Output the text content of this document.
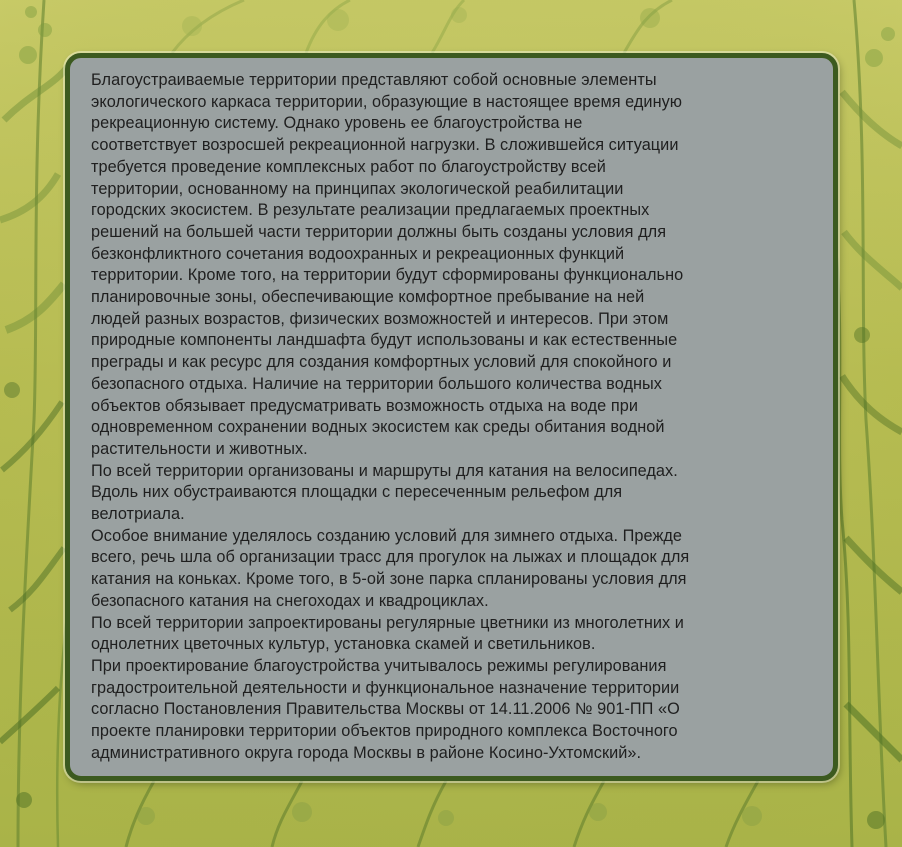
Благоустраиваемые территории представляют собой основные элементы
экологического каркаса территории, образующие в настоящее время единую
рекреационную систему. Однако уровень ее благоустройства не
соответствует возросшей рекреационной нагрузки. В сложившейся ситуации
требуется проведение комплексных работ по благоустройству всей
территории, основанному на принципах экологической реабилитации
городских экосистем. В результате реализации предлагаемых проектных
решений на большей части территории должны быть созданы условия для
безконфликтного сочетания водоохранных и рекреационных функций
территории. Кроме того, на территории будут сформированы функционально
планировочные зоны, обеспечивающие комфортное пребывание на ней
людей разных возрастов, физических возможностей и интересов. При этом
природные компоненты ландшафта будут использованы и как естественные
преграды и как ресурс для создания комфортных условий для спокойного и
безопасного отдыха. Наличие на территории большого количества водных
объектов обязывает предусматривать возможность отдыха на воде при
одновременном сохранении водных экосистем как среды обитания водной
растительности и животных.

По всей территории организованы и маршруты для катания на велосипедах.
Вдоль них обустраиваются площадки с пересеченным рельефом для
велотриала.

Особое внимание уделялось созданию условий для зимнего отдыха. Прежде
всего, речь шла об организации трасс для прогулок на лыжах и площадок для
катания на коньках. Кроме того, в 5-ой зоне парка спланированы условия для
безопасного катания на снегоходах и квадроциклах.

По всей территории запроектированы регулярные цветники из многолетних и
однолетних цветочных культур, установка скамей и светильников.

При проектирование благоустройства учитывалось режимы регулирования
градостроительной деятельности и функциональное назначение территории
согласно Постановления Правительства Москвы от 14.11.2006 № 901-ПП «О
проекте планировки территории объектов природного комплекса Восточного
административного округа города Москвы в районе Косино-Ухтомский».
